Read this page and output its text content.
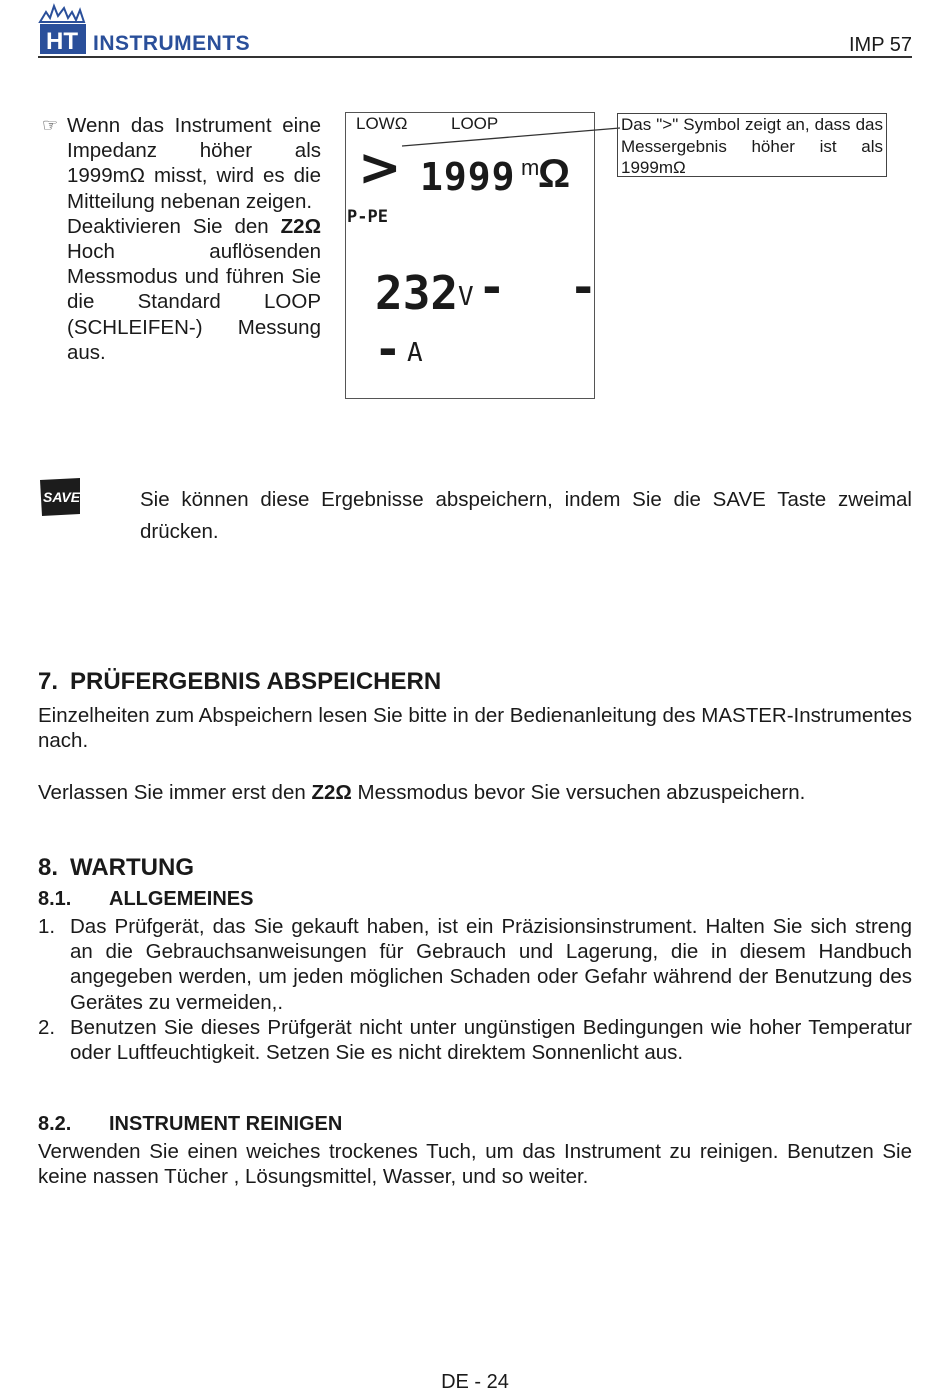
HT INSTRUMENTS	IMP 57
☞ Wenn das Instrument eine Impedanz höher als 1999mΩ misst, wird es die Mitteilung nebenan zeigen.
Deaktivieren Sie den Z2Ω Hoch auflösenden Messmodus und führen Sie die Standard LOOP (SCHLEIFEN-) Messung aus.
LOWΩ	LOOP
> 1999 m
Ω
P-PE
232 V - -
- A
Das ">" Symbol zeigt an, dass das Messergebnis höher ist als 1999mΩ
SAVE	Sie können diese Ergebnisse abspeichern, indem Sie die SAVE Taste zweimal drücken.
7. PRÜFERGEBNIS ABSPEICHERN
Einzelheiten zum Abspeichern lesen Sie bitte in der Bedienanleitung des MASTER-Instrumentes nach.
Verlassen Sie immer erst den Z2Ω Messmodus bevor Sie versuchen abzuspeichern.
8. WARTUNG
8.1. ALLGEMEINES
1. Das Prüfgerät, das Sie gekauft haben, ist ein Präzisionsinstrument. Halten Sie sich streng an die Gebrauchsanweisungen für Gebrauch und Lagerung, die in diesem Handbuch angegeben werden, um jeden möglichen Schaden oder Gefahr während der Benutzung des Gerätes zu vermeiden,.
2. Benutzen Sie dieses Prüfgerät nicht unter ungünstigen Bedingungen wie hoher Temperatur oder Luftfeuchtigkeit. Setzen Sie es nicht direktem Sonnenlicht aus.
8.2. INSTRUMENT REINIGEN
Verwenden Sie einen weiches trockenes Tuch, um das Instrument zu reinigen. Benutzen Sie keine nassen Tücher , Lösungsmittel, Wasser, und so weiter.
DE - 24
